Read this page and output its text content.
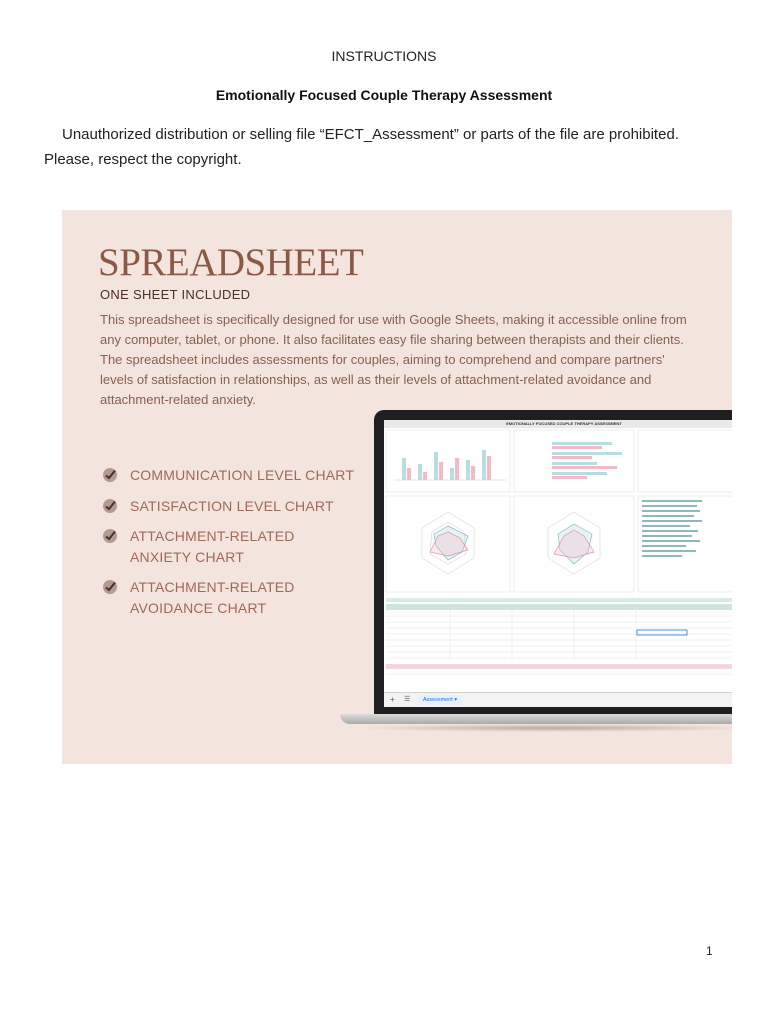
INSTRUCTIONS
Emotionally Focused Couple Therapy Assessment
Unauthorized distribution or selling file “EFCT_Assessment” or parts of the file are prohibited. Please, respect the copyright.
SPREADSHEET
ONE SHEET INCLUDED
This spreadsheet is specifically designed for use with Google Sheets, making it accessible online from any computer, tablet, or phone. It also facilitates easy file sharing between therapists and their clients. The spreadsheet includes assessments for couples, aiming to comprehend and compare partners' levels of satisfaction in relationships, as well as their levels of attachment-related avoidance and attachment-related anxiety.
COMMUNICATION LEVEL CHART
SATISFACTION LEVEL CHART
ATTACHMENT-RELATED ANXIETY CHART
ATTACHMENT-RELATED AVOIDANCE CHART
EMOTIONALLY FOCUSED COUPLE THERAPY ASSESSMENT
+ ☰	Assessment ▾
1
